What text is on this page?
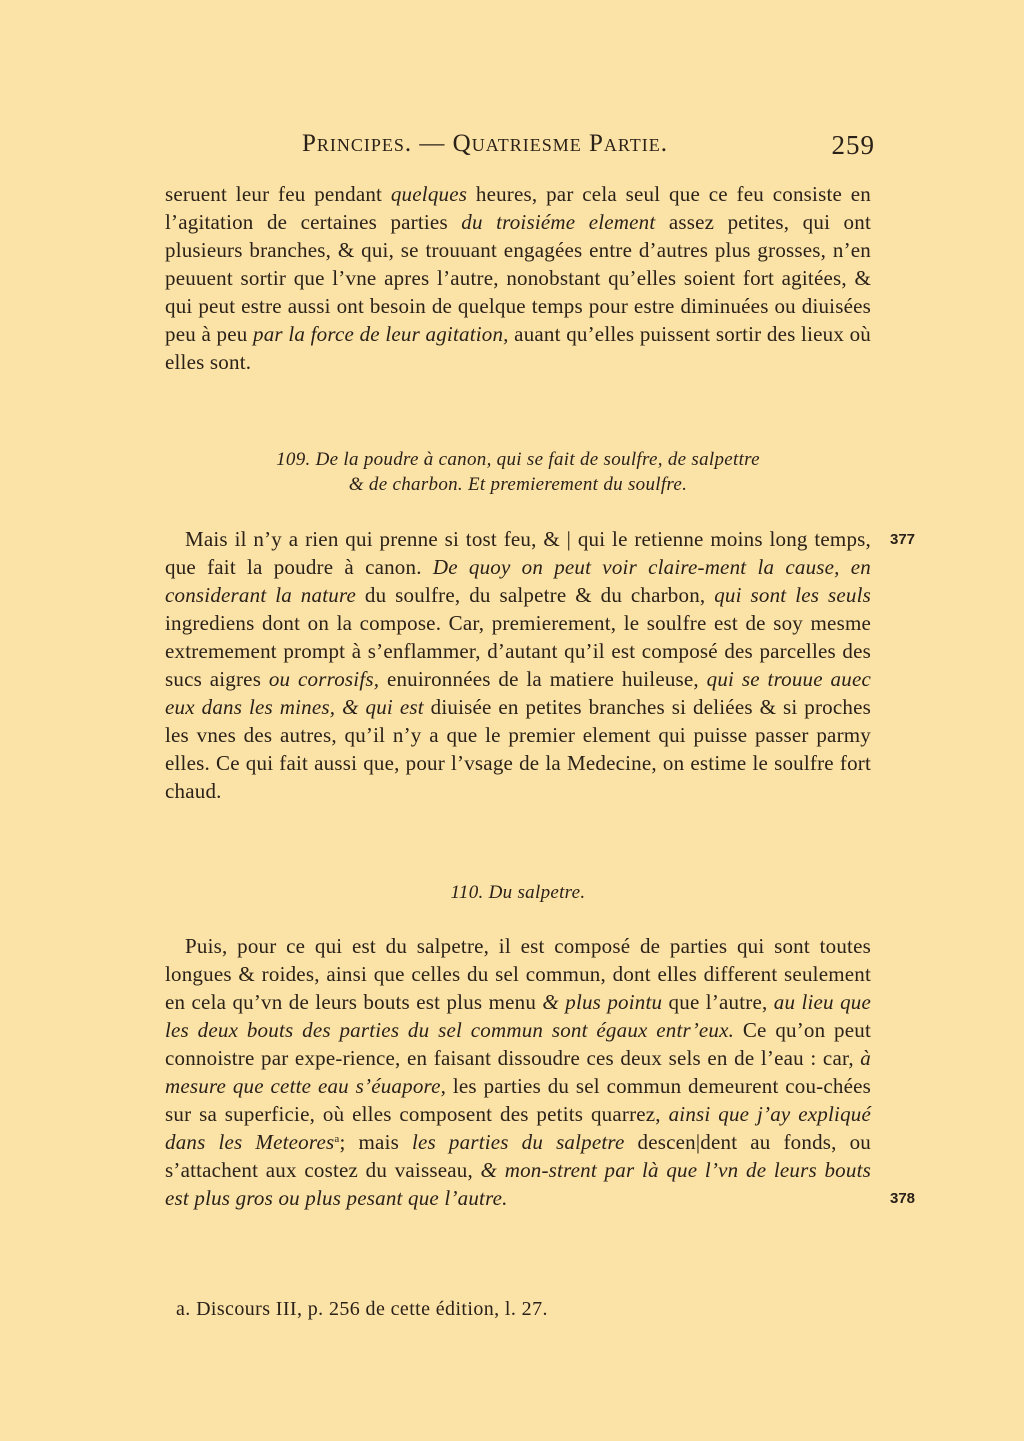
Principes. — Quatriesme Partie.	259

seruent leur feu pendant quelques heures, par cela seul que ce feu consiste en l’agitation de certaines parties du troisiéme element assez petites, qui ont plusieurs branches, & qui, se trouuant engagées entre d’autres plus grosses, n’en peuuent sortir que l’vne apres l’autre, nonobstant qu’elles soient fort agitées, & qui peut estre aussi ont besoin de quelque temps pour estre diminuées ou diuisées peu à peu par la force de leur agitation, auant qu’elles puissent sortir des lieux où elles sont.

109. De la poudre à canon, qui se fait de soulfre, de salpettre
& de charbon. Et premierement du soulfre.
377

Mais il n’y a rien qui prenne si tost feu, & | qui le retienne moins long temps, que fait la poudre à canon. De quoy on peut voir claire-ment la cause, en considerant la nature du soulfre, du salpetre & du charbon, qui sont les seuls ingrediens dont on la compose. Car, premierement, le soulfre est de soy mesme extremement prompt à s’enflammer, d’autant qu’il est composé des parcelles des sucs aigres ou corrosifs, enuironnées de la matiere huileuse, qui se trouue auec eux dans les mines, & qui est diuisée en petites branches si deliées & si proches les vnes des autres, qu’il n’y a que le premier element qui puisse passer parmy elles. Ce qui fait aussi que, pour l’vsage de la Medecine, on estime le soulfre fort chaud.

110. Du salpetre.

Puis, pour ce qui est du salpetre, il est composé de parties qui sont toutes longues & roides, ainsi que celles du sel commun, dont elles different seulement en cela qu’vn de leurs bouts est plus menu & plus pointu que l’autre, au lieu que les deux bouts des parties du sel commun sont égaux entr’eux. Ce qu’on peut connoistre par expe-rience, en faisant dissoudre ces deux sels en de l’eau : car, à mesure que cette eau s’éuapore, les parties du sel commun demeurent cou-chées sur sa superficie, où elles composent des petits quarrez, ainsi que j’ay expliqué dans les Meteores$^a$; mais les parties du salpetre descen|dent au fonds, ou s’attachent aux costez du vaisseau, & mon-strent par là que l’vn de leurs bouts est plus gros ou plus pesant que l’autre.	378
a. Discours III, p. 256 de cette édition, l. 27.
